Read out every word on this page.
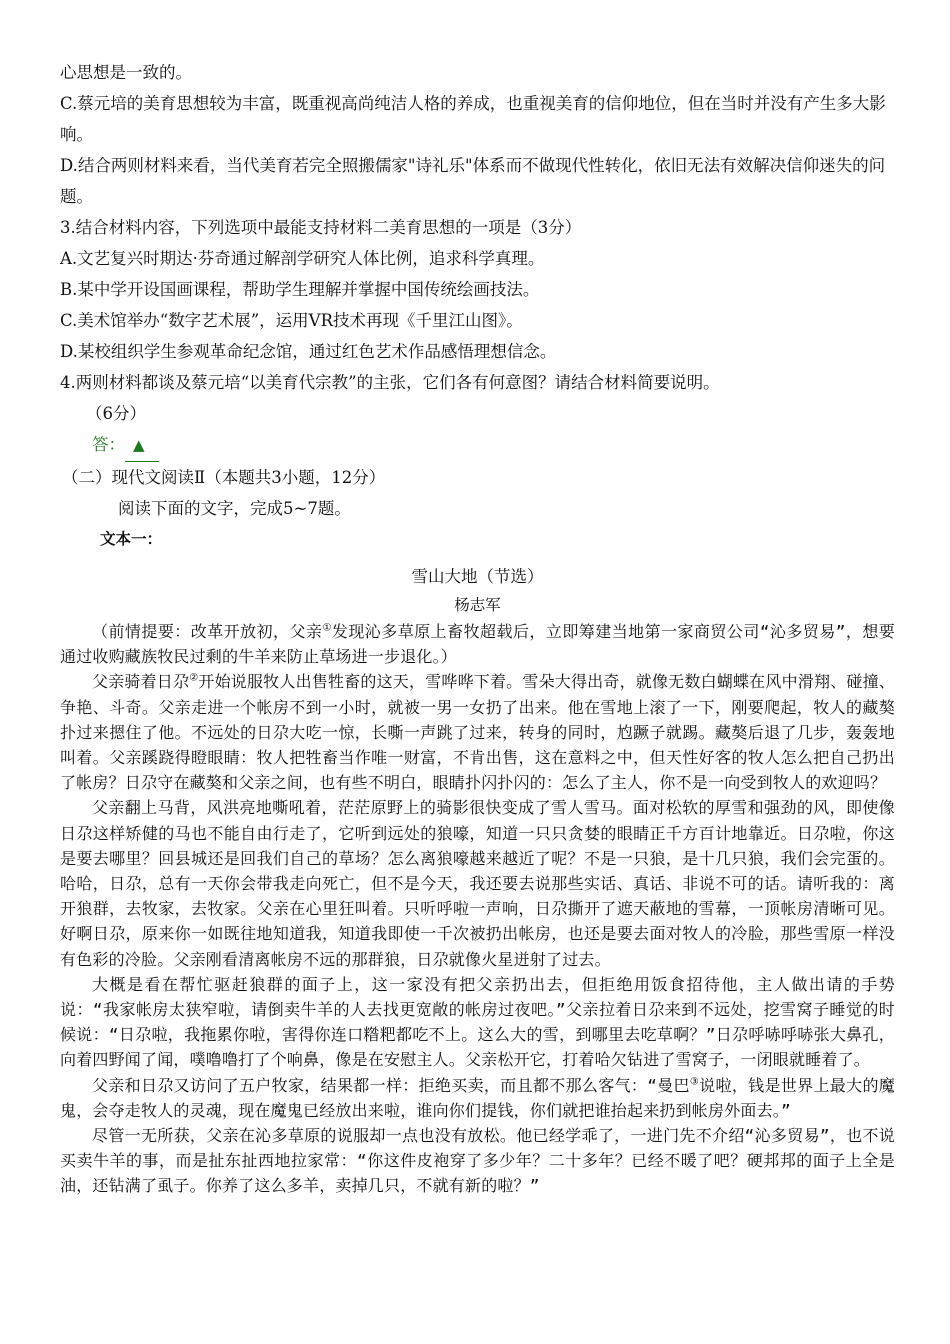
心思想是一致的。

C.蔡元培的美育思想较为丰富，既重视高尚纯洁人格的养成，也重视美育的信仰地位，但在当时并没有产生多大影响。

D.结合两则材料来看，当代美育若完全照搬儒家"诗礼乐"体系而不做现代性转化，依旧无法有效解决信仰迷失的问题。

3.结合材料内容，下列选项中最能支持材料二美育思想的一项是（3分）

A.文艺复兴时期达·芬奇通过解剖学研究人体比例，追求科学真理。

B.某中学开设国画课程，帮助学生理解并掌握中国传统绘画技法。

C.美术馆举办“数字艺术展”，运用VR技术再现《千里江山图》。

D.某校组织学生参观革命纪念馆，通过红色艺术作品感悟理想信念。

4.两则材料都谈及蔡元培“以美育代宗教”的主张，它们各有何意图？请结合材料简要说明。

（6分）

答： ▲
（二）现代文阅读Ⅱ（本题共3小题，12分）
阅读下面的文字，完成5~7题。
文本一：
雪山大地（节选）
杨志军

（前情提要：改革开放初，父亲①发现沁多草原上畜牧超载后，立即筹建当地第一家商贸公司“沁多贸易”，想要通过收购藏族牧民过剩的牛羊来防止草场进一步退化。）

父亲骑着日尕②开始说服牧人出售牲畜的这天，雪哗哗下着。雪朵大得出奇，就像无数白蝴蝶在风中滑翔、碰撞、争艳、斗奇。父亲走进一个帐房不到一小时，就被一男一女扔了出来。他在雪地上滚了一下，刚要爬起，牧人的藏獒扑过来摁住了他。不远处的日尕大吃一惊，长嘶一声跳了过来，转身的同时，尥蹶子就踢。藏獒后退了几步，轰轰地叫着。父亲蹊跷得瞪眼睛：牧人把牲畜当作唯一财富，不肯出售，这在意料之中，但天性好客的牧人怎么把自己扔出了帐房？日尕守在藏獒和父亲之间，也有些不明白，眼睛扑闪扑闪的：怎么了主人，你不是一向受到牧人的欢迎吗？

父亲翻上马背，风洪亮地嘶吼着，茫茫原野上的骑影很快变成了雪人雪马。面对松软的厚雪和强劲的风，即使像日尕这样矫健的马也不能自由行走了，它听到远处的狼嚎，知道一只只贪婪的眼睛正千方百计地靠近。日尕啦，你这是要去哪里？回县城还是回我们自己的草场？怎么离狼嚎越来越近了呢？不是一只狼，是十几只狼，我们会完蛋的。哈哈，日尕，总有一天你会带我走向死亡，但不是今天，我还要去说那些实话、真话、非说不可的话。请听我的：离开狼群，去牧家，去牧家。父亲在心里狂叫着。只听呼啦一声响，日尕撕开了遮天蔽地的雪幕，一顶帐房清晰可见。好啊日尕，原来你一如既往地知道我，知道我即使一千次被扔出帐房，也还是要去面对牧人的冷脸，那些雪原一样没有色彩的冷脸。父亲刚看清离帐房不远的那群狼，日尕就像火星迸射了过去。

大概是看在帮忙驱赶狼群的面子上，这一家没有把父亲扔出去，但拒绝用饭食招待他，主人做出请的手势说：“我家帐房太狭窄啦，请倒卖牛羊的人去找更宽敞的帐房过夜吧。”父亲拉着日尕来到不远处，挖雪窝子睡觉的时候说：“日尕啦，我拖累你啦，害得你连口糌粑都吃不上。这么大的雪，到哪里去吃草啊？”日尕呼哧呼哧张大鼻孔，向着四野闻了闻，噗噜噜打了个响鼻，像是在安慰主人。父亲松开它，打着哈欠钻进了雪窝子，一闭眼就睡着了。

父亲和日尕又访问了五户牧家，结果都一样：拒绝买卖，而且都不那么客气：“曼巴③说啦，钱是世界上最大的魔鬼，会夺走牧人的灵魂，现在魔鬼已经放出来啦，谁向你们提钱，你们就把谁抬起来扔到帐房外面去。”

尽管一无所获，父亲在沁多草原的说服却一点也没有放松。他已经学乖了，一进门先不介绍“沁多贸易”，也不说买卖牛羊的事，而是扯东扯西地拉家常：“你这件皮袍穿了多少年？二十多年？已经不暖了吧？硬邦邦的面子上全是油，还钻满了虱子。你养了这么多羊，卖掉几只，不就有新的啦？”
